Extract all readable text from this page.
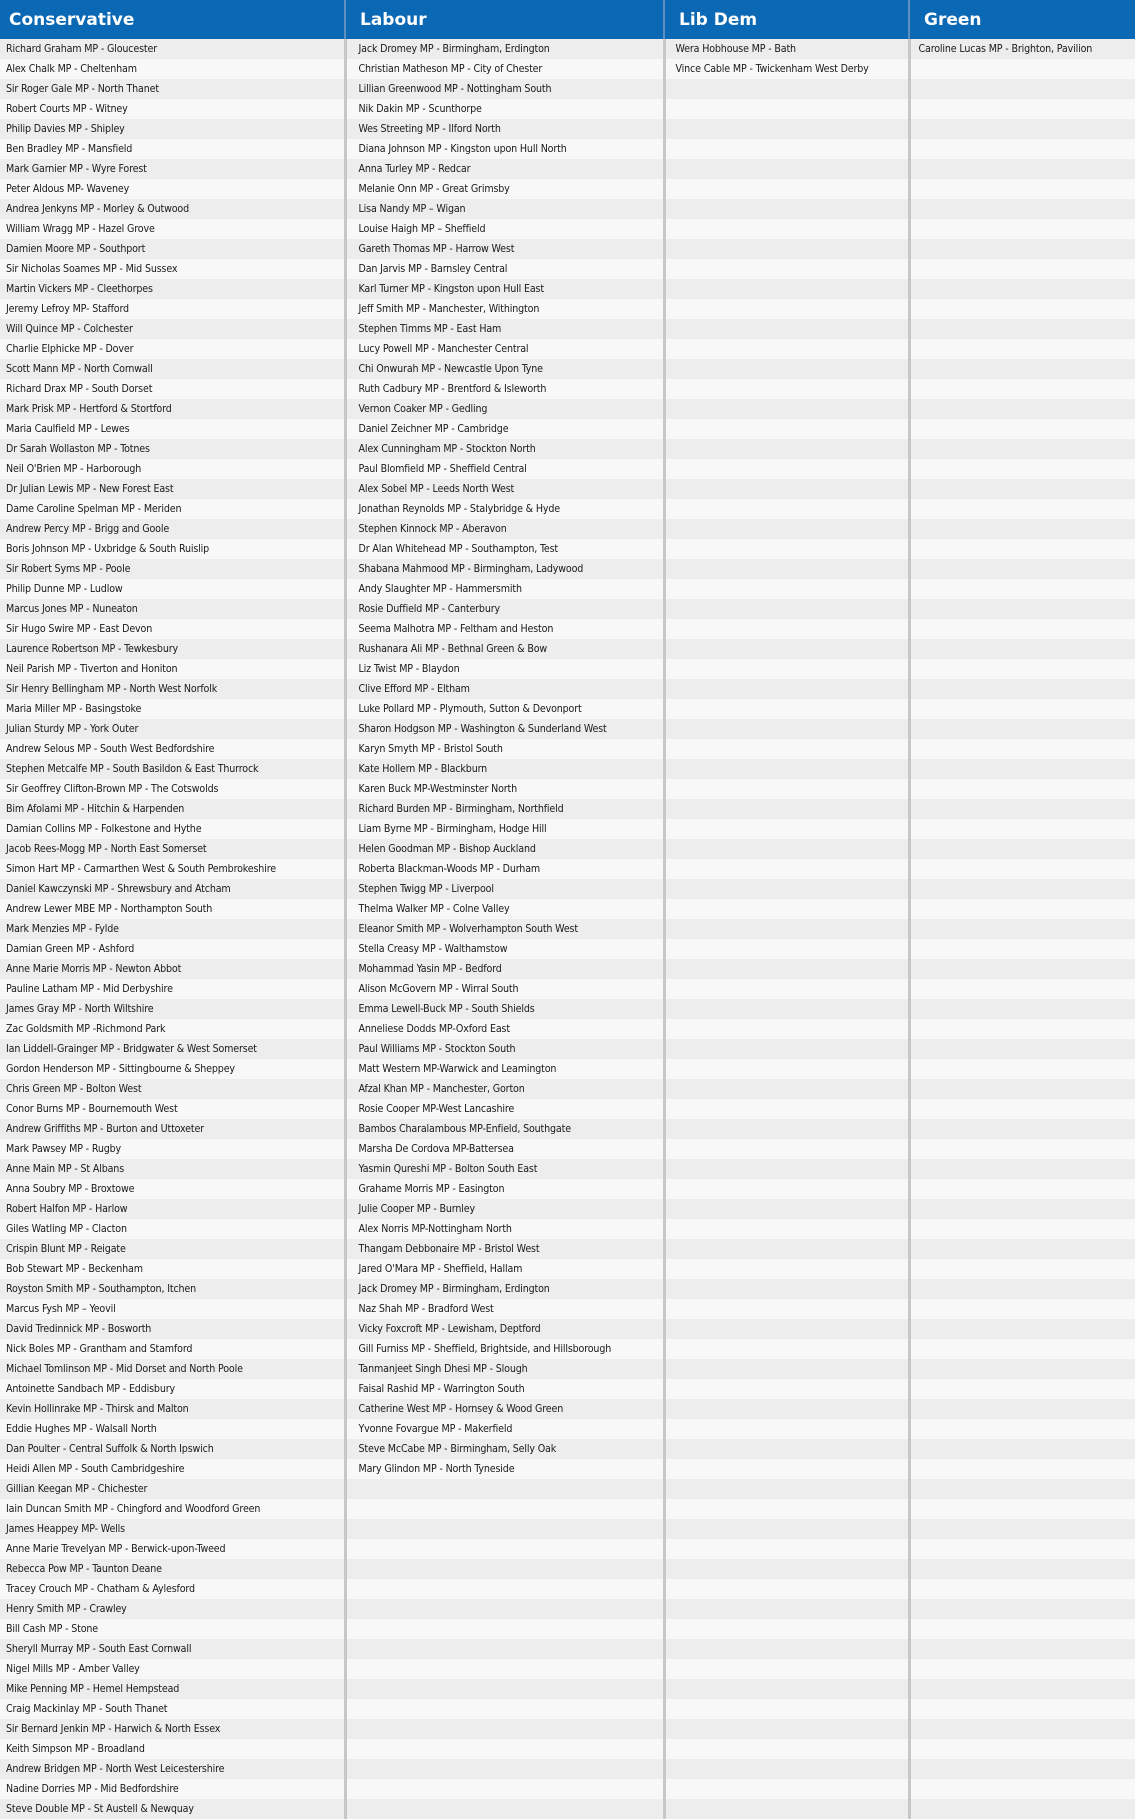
Conservative	Labour	Lib Dem	Green
Richard Graham MP - Gloucester	Jack Dromey MP - Birmingham, Erdington	Wera Hobhouse MP - Bath	Caroline Lucas MP - Brighton, Pavilion
Alex Chalk MP - Cheltenham	Christian Matheson MP - City of Chester	Vince Cable MP - Twickenham West Derby	
Sir Roger Gale MP - North Thanet	Lillian Greenwood MP - Nottingham South		
Robert Courts MP - Witney	Nik Dakin MP - Scunthorpe		
Philip Davies MP - Shipley	Wes Streeting MP - Ilford North		
Ben Bradley MP - Mansfield	Diana Johnson MP - Kingston upon Hull North		
Mark Garnier MP - Wyre Forest	Anna Turley MP - Redcar		
Peter Aldous MP- Waveney	Melanie Onn MP - Great Grimsby		
Andrea Jenkyns MP - Morley & Outwood	Lisa Nandy MP – Wigan		
William Wragg MP - Hazel Grove	Louise Haigh MP – Sheffield		
Damien Moore MP - Southport	Gareth Thomas MP - Harrow West		
Sir Nicholas Soames MP - Mid Sussex	Dan Jarvis MP - Barnsley Central		
Martin Vickers MP - Cleethorpes	Karl Turner MP - Kingston upon Hull East		
Jeremy Lefroy MP- Stafford	Jeff Smith MP - Manchester, Withington		
Will Quince MP - Colchester	Stephen Timms MP - East Ham		
Charlie Elphicke MP - Dover	Lucy Powell MP - Manchester Central		
Scott Mann MP - North Cornwall	Chi Onwurah MP - Newcastle Upon Tyne		
Richard Drax MP - South Dorset	Ruth Cadbury MP - Brentford & Isleworth		
Mark Prisk MP - Hertford & Stortford	Vernon Coaker MP - Gedling		
Maria Caulfield MP - Lewes	Daniel Zeichner MP - Cambridge		
Dr Sarah Wollaston MP - Totnes	Alex Cunningham MP - Stockton North		
Neil O'Brien MP - Harborough	Paul Blomfield MP - Sheffield Central		
Dr Julian Lewis MP - New Forest East	Alex Sobel MP - Leeds North West		
Dame Caroline Spelman MP - Meriden	Jonathan Reynolds MP - Stalybridge & Hyde		
Andrew Percy MP - Brigg and Goole	Stephen Kinnock MP - Aberavon		
Boris Johnson MP - Uxbridge & South Ruislip	Dr Alan Whitehead MP - Southampton, Test		
Sir Robert Syms MP - Poole	Shabana Mahmood MP - Birmingham, Ladywood		
Philip Dunne MP - Ludlow	Andy Slaughter MP - Hammersmith		
Marcus Jones MP - Nuneaton	Rosie Duffield MP - Canterbury		
Sir Hugo Swire MP - East Devon	Seema Malhotra MP - Feltham and Heston		
Laurence Robertson MP - Tewkesbury	Rushanara Ali MP - Bethnal Green & Bow		
Neil Parish MP - Tiverton and Honiton	Liz Twist MP - Blaydon		
Sir Henry Bellingham MP - North West Norfolk	Clive Efford MP - Eltham		
Maria Miller MP - Basingstoke	Luke Pollard MP - Plymouth, Sutton & Devonport		
Julian Sturdy MP - York Outer	Sharon Hodgson MP - Washington & Sunderland West		
Andrew Selous MP - South West Bedfordshire	Karyn Smyth MP - Bristol South		
Stephen Metcalfe MP - South Basildon & East Thurrock	Kate Hollern MP - Blackburn		
Sir Geoffrey Clifton-Brown MP - The Cotswolds	Karen Buck MP-Westminster North		
Bim Afolami MP - Hitchin & Harpenden	Richard Burden MP - Birmingham, Northfield		
Damian Collins MP - Folkestone and Hythe	Liam Byrne MP - Birmingham, Hodge Hill		
Jacob Rees-Mogg MP - North East Somerset	Helen Goodman MP - Bishop Auckland		
Simon Hart MP - Carmarthen West & South Pembrokeshire	Roberta Blackman-Woods MP - Durham		
Daniel Kawczynski MP - Shrewsbury and Atcham	Stephen Twigg MP - Liverpool		
Andrew Lewer MBE MP - Northampton South	Thelma Walker MP - Colne Valley		
Mark Menzies MP - Fylde	Eleanor Smith MP - Wolverhampton South West		
Damian Green MP - Ashford	Stella Creasy MP - Walthamstow		
Anne Marie Morris MP - Newton Abbot	Mohammad Yasin MP - Bedford		
Pauline Latham MP - Mid Derbyshire	Alison McGovern MP - Wirral South		
James Gray MP - North Wiltshire	Emma Lewell-Buck MP - South Shields		
Zac Goldsmith MP -Richmond Park	Anneliese Dodds MP-Oxford East		
Ian Liddell-Grainger MP - Bridgwater & West Somerset	Paul Williams MP - Stockton South		
Gordon Henderson MP - Sittingbourne & Sheppey	Matt Western MP-Warwick and Leamington		
Chris Green MP - Bolton West	Afzal Khan MP - Manchester, Gorton		
Conor Burns MP - Bournemouth West	Rosie Cooper MP-West Lancashire		
Andrew Griffiths MP - Burton and Uttoxeter	Bambos Charalambous MP-Enfield, Southgate		
Mark Pawsey MP - Rugby	Marsha De Cordova MP-Battersea		
Anne Main MP - St Albans	Yasmin Qureshi MP - Bolton South East		
Anna Soubry MP - Broxtowe	Grahame Morris MP - Easington		
Robert Halfon MP - Harlow	Julie Cooper MP - Burnley		
Giles Watling MP - Clacton	Alex Norris MP-Nottingham North		
Crispin Blunt MP - Reigate	Thangam Debbonaire MP - Bristol West		
Bob Stewart MP - Beckenham	Jared O'Mara MP - Sheffield, Hallam		
Royston Smith MP - Southampton, Itchen	Jack Dromey MP - Birmingham, Erdington		
Marcus Fysh MP – Yeovil	Naz Shah MP - Bradford West		
David Tredinnick MP - Bosworth	Vicky Foxcroft MP - Lewisham, Deptford		
Nick Boles MP - Grantham and Stamford	Gill Furniss MP - Sheffield, Brightside, and Hillsborough		
Michael Tomlinson MP - Mid Dorset and North Poole	Tanmanjeet Singh Dhesi MP - Slough		
Antoinette Sandbach MP - Eddisbury	Faisal Rashid MP - Warrington South		
Kevin Hollinrake MP - Thirsk and Malton	Catherine West MP - Hornsey & Wood Green		
Eddie Hughes MP - Walsall North	Yvonne Fovargue MP - Makerfield		
Dan Poulter - Central Suffolk & North Ipswich	Steve McCabe MP - Birmingham, Selly Oak		
Heidi Allen MP - South Cambridgeshire	Mary Glindon MP - North Tyneside		
Gillian Keegan MP - Chichester			
Iain Duncan Smith MP - Chingford and Woodford Green			
James Heappey MP- Wells			
Anne Marie Trevelyan MP - Berwick-upon-Tweed			
Rebecca Pow MP - Taunton Deane			
Tracey Crouch MP - Chatham & Aylesford			
Henry Smith MP - Crawley			
Bill Cash MP - Stone			
Sheryll Murray MP - South East Cornwall			
Nigel Mills MP - Amber Valley			
Mike Penning MP - Hemel Hempstead			
Craig Mackinlay MP - South Thanet			
Sir Bernard Jenkin MP - Harwich & North Essex			
Keith Simpson MP - Broadland			
Andrew Bridgen MP - North West Leicestershire			
Nadine Dorries MP - Mid Bedfordshire			
Steve Double MP - St Austell & Newquay			
